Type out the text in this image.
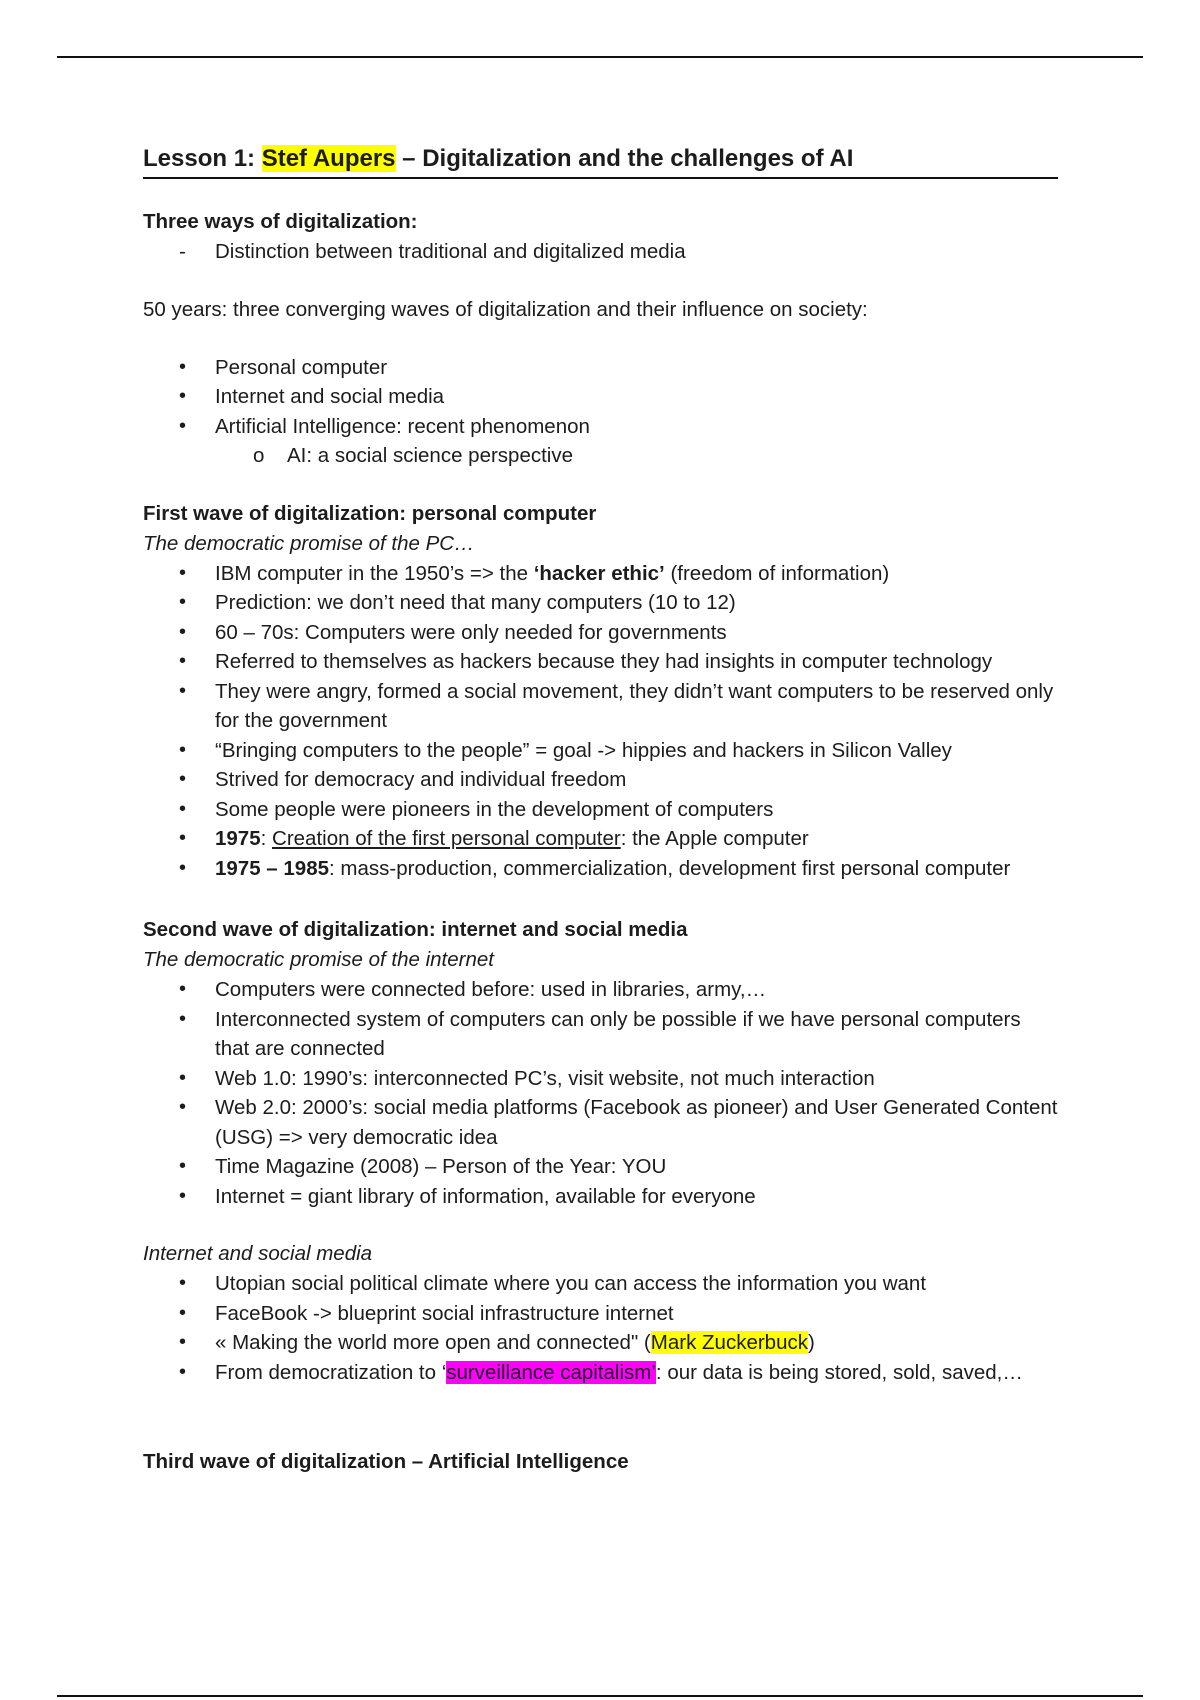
Lesson 1: Stef Aupers – Digitalization and the challenges of AI
Three ways of digitalization:
- Distinction between traditional and digitalized media
50 years: three converging waves of digitalization and their influence on society:
• Personal computer
• Internet and social media
• Artificial Intelligence: recent phenomenon
o AI: a social science perspective
First wave of digitalization: personal computer
The democratic promise of the PC…
• IBM computer in the 1950’s => the ‘hacker ethic’ (freedom of information)
• Prediction: we don’t need that many computers (10 to 12)
• 60 – 70s: Computers were only needed for governments
• Referred to themselves as hackers because they had insights in computer technology
• They were angry, formed a social movement, they didn’t want computers to be reserved only for the government
• “Bringing computers to the people” = goal -> hippies and hackers in Silicon Valley
• Strived for democracy and individual freedom
• Some people were pioneers in the development of computers
• 1975: Creation of the first personal computer: the Apple computer
• 1975 – 1985: mass-production, commercialization, development first personal computer
Second wave of digitalization: internet and social media
The democratic promise of the internet
• Computers were connected before: used in libraries, army,…
• Interconnected system of computers can only be possible if we have personal computers that are connected
• Web 1.0: 1990’s: interconnected PC’s, visit website, not much interaction
• Web 2.0: 2000’s: social media platforms (Facebook as pioneer) and User Generated Content (USG) => very democratic idea
• Time Magazine (2008) – Person of the Year: YOU
• Internet = giant library of information, available for everyone
Internet and social media
• Utopian social political climate where you can access the information you want
• FaceBook -> blueprint social infrastructure internet
• « Making the world more open and connected" (Mark Zuckerbuck)
• From democratization to ‘surveillance capitalism’: our data is being stored, sold, saved,…
Third wave of digitalization – Artificial Intelligence
